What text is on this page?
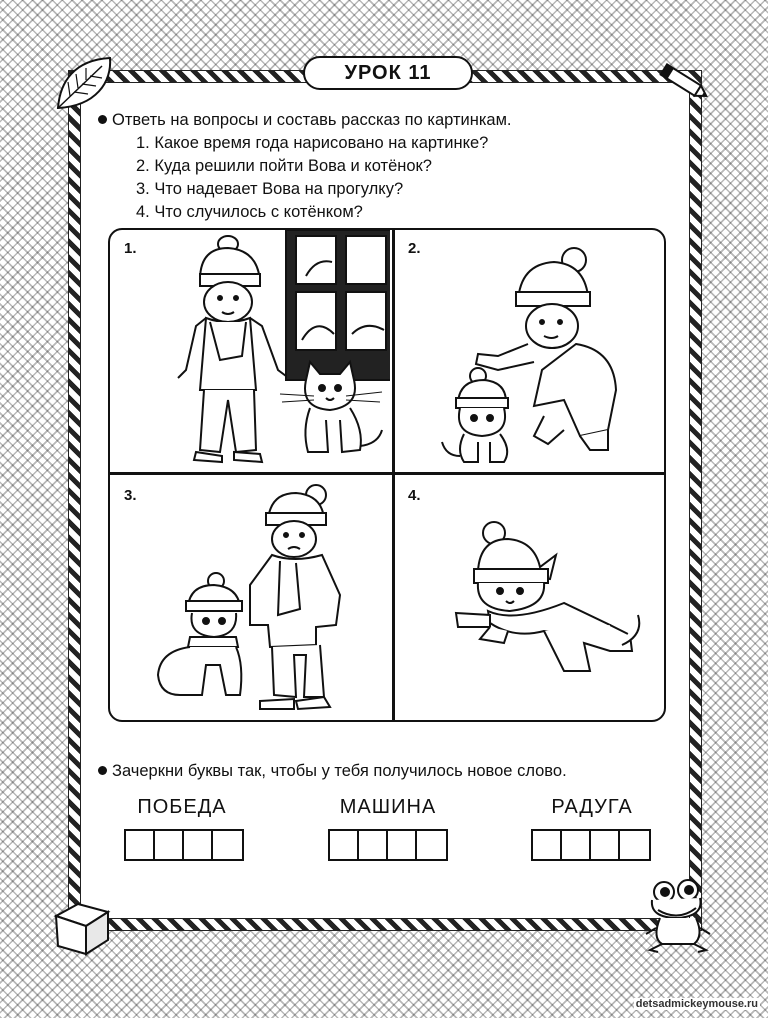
УРОК 11
Ответь на вопросы и составь рассказ по картинкам.
1. Какое время года нарисовано на картинке?
2. Куда решили пойти Вова и котёнок?
3. Что надевает Вова на прогулку?
4. Что случилось с котёнком?
1.	2.
3.	4.
Зачеркни буквы так, чтобы у тебя получилось новое слово.
ПОБЕДА	МАШИНА	РАДУГА
detsadmickeymouse.ru
